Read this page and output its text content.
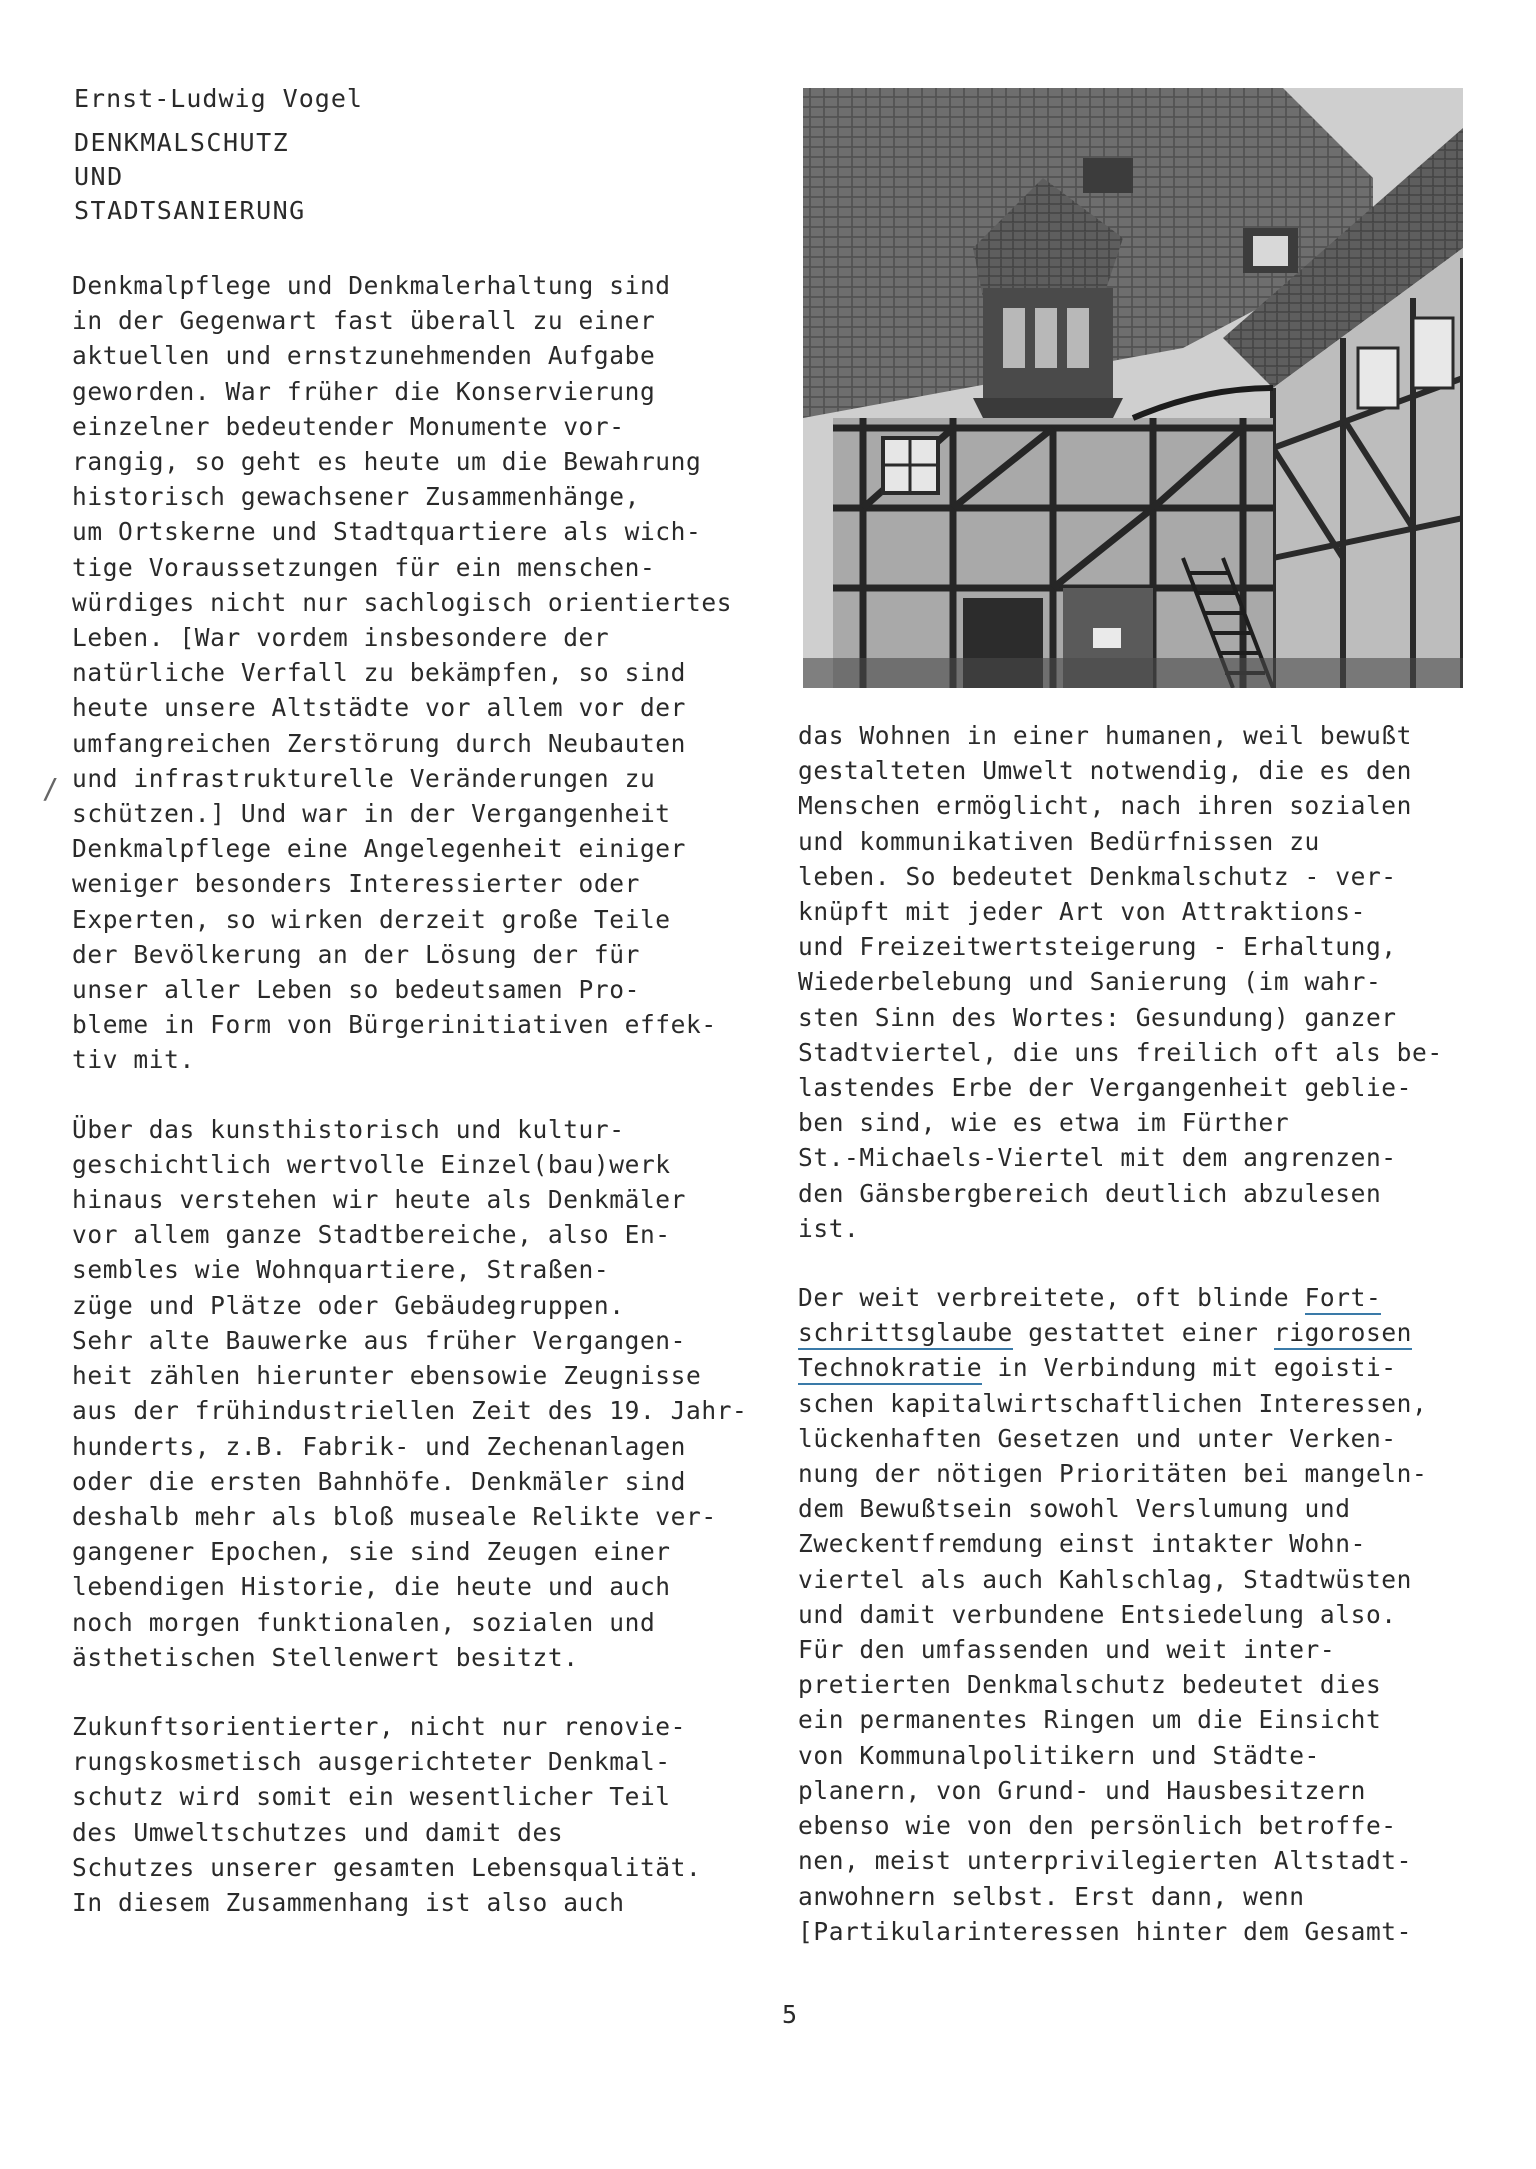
Ernst-Ludwig Vogel
DENKMALSCHUTZ
UND
STADTSANIERUNG
Denkmalpflege und Denkmalerhaltung sind
in der Gegenwart fast überall zu einer
aktuellen und ernstzunehmenden Aufgabe
geworden. War früher die Konservierung
einzelner bedeutender Monumente vor-
rangig, so geht es heute um die Bewahrung
historisch gewachsener Zusammenhänge,
um Ortskerne und Stadtquartiere als wich-
tige Voraussetzungen für ein menschen-
würdiges nicht nur sachlogisch orientiertes
Leben. [War vordem insbesondere der
natürliche Verfall zu bekämpfen, so sind
heute unsere Altstädte vor allem vor der
umfangreichen Zerstörung durch Neubauten
und infrastrukturelle Veränderungen zu
schützen.] Und war in der Vergangenheit
Denkmalpflege eine Angelegenheit einiger
weniger besonders Interessierter oder
Experten, so wirken derzeit große Teile
der Bevölkerung an der Lösung der für
unser aller Leben so bedeutsamen Pro-
bleme in Form von Bürgerinitiativen effek-
tiv mit.
Über das kunsthistorisch und kultur-
geschichtlich wertvolle Einzel(bau)werk
hinaus verstehen wir heute als Denkmäler
vor allem ganze Stadtbereiche, also En-
sembles wie Wohnquartiere, Straßen-
züge und Plätze oder Gebäudegruppen.
Sehr alte Bauwerke aus früher Vergangen-
heit zählen hierunter ebensowie Zeugnisse
aus der frühindustriellen Zeit des 19. Jahr-
hunderts, z.B. Fabrik- und Zechenanlagen
oder die ersten Bahnhöfe. Denkmäler sind
deshalb mehr als bloß museale Relikte ver-
gangener Epochen, sie sind Zeugen einer
lebendigen Historie, die heute und auch
noch morgen funktionalen, sozialen und
ästhetischen Stellenwert besitzt.
Zukunftsorientierter, nicht nur renovie-
rungskosmetisch ausgerichteter Denkmal-
schutz wird somit ein wesentlicher Teil
des Umweltschutzes und damit des
Schutzes unserer gesamten Lebensqualität.
In diesem Zusammenhang ist also auch
das Wohnen in einer humanen, weil bewußt
gestalteten Umwelt notwendig, die es den
Menschen ermöglicht, nach ihren sozialen
und kommunikativen Bedürfnissen zu
leben. So bedeutet Denkmalschutz - ver-
knüpft mit jeder Art von Attraktions-
und Freizeitwertsteigerung - Erhaltung,
Wiederbelebung und Sanierung (im wahr-
sten Sinn des Wortes: Gesundung) ganzer
Stadtviertel, die uns freilich oft als be-
lastendes Erbe der Vergangenheit geblie-
ben sind, wie es etwa im Fürther
St.-Michaels-Viertel mit dem angrenzen-
den Gänsbergbereich deutlich abzulesen
ist.
Der weit verbreitete, oft blinde Fort-
schrittsglaube gestattet einer rigorosen
Technokratie in Verbindung mit egoisti-
schen kapitalwirtschaftlichen Interessen,
lückenhaften Gesetzen und unter Verken-
nung der nötigen Prioritäten bei mangeln-
dem Bewußtsein sowohl Verslumung und
Zweckentfremdung einst intakter Wohn-
viertel als auch Kahlschlag, Stadtwüsten
und damit verbundene Entsiedelung also.
Für den umfassenden und weit inter-
pretierten Denkmalschutz bedeutet dies
ein permanentes Ringen um die Einsicht
von Kommunalpolitikern und Städte-
planern, von Grund- und Hausbesitzern
ebenso wie von den persönlich betroffe-
nen, meist unterprivilegierten Altstadt-
anwohnern selbst. Erst dann, wenn
[Partikularinteressen hinter dem Gesamt-
/
5
